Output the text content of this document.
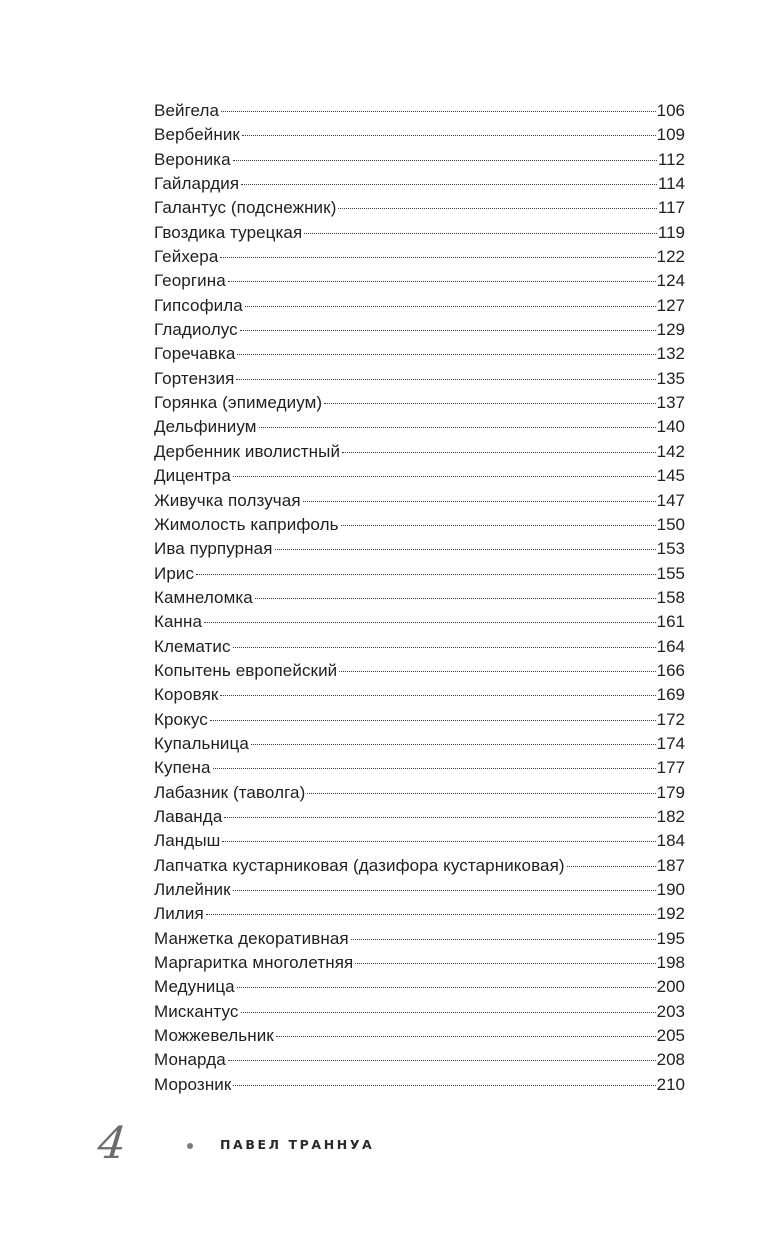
Вейгела	106
Вербейник	109
Вероника	112
Гайлардия	114
Галантус (подснежник)	117
Гвоздика турецкая	119
Гейхера	122
Георгина	124
Гипсофила	127
Гладиолус	129
Горечавка	132
Гортензия	135
Горянка (эпимедиум)	137
Дельфиниум	140
Дербенник иволистный	142
Дицентра	145
Живучка ползучая	147
Жимолость каприфоль	150
Ива пурпурная	153
Ирис	155
Камнеломка	158
Канна	161
Клематис	164
Копытень европейский	166
Коровяк	169
Крокус	172
Купальница	174
Купена	177
Лабазник (таволга)	179
Лаванда	182
Ландыш	184
Лапчатка кустарниковая (дазифора кустарниковая)	187
Лилейник	190
Лилия	192
Манжетка декоративная	195
Маргаритка многолетняя	198
Медуница	200
Мискантус	203
Можжевельник	205
Монарда	208
Морозник	210
4	ПАВЕЛ ТРАННУА
